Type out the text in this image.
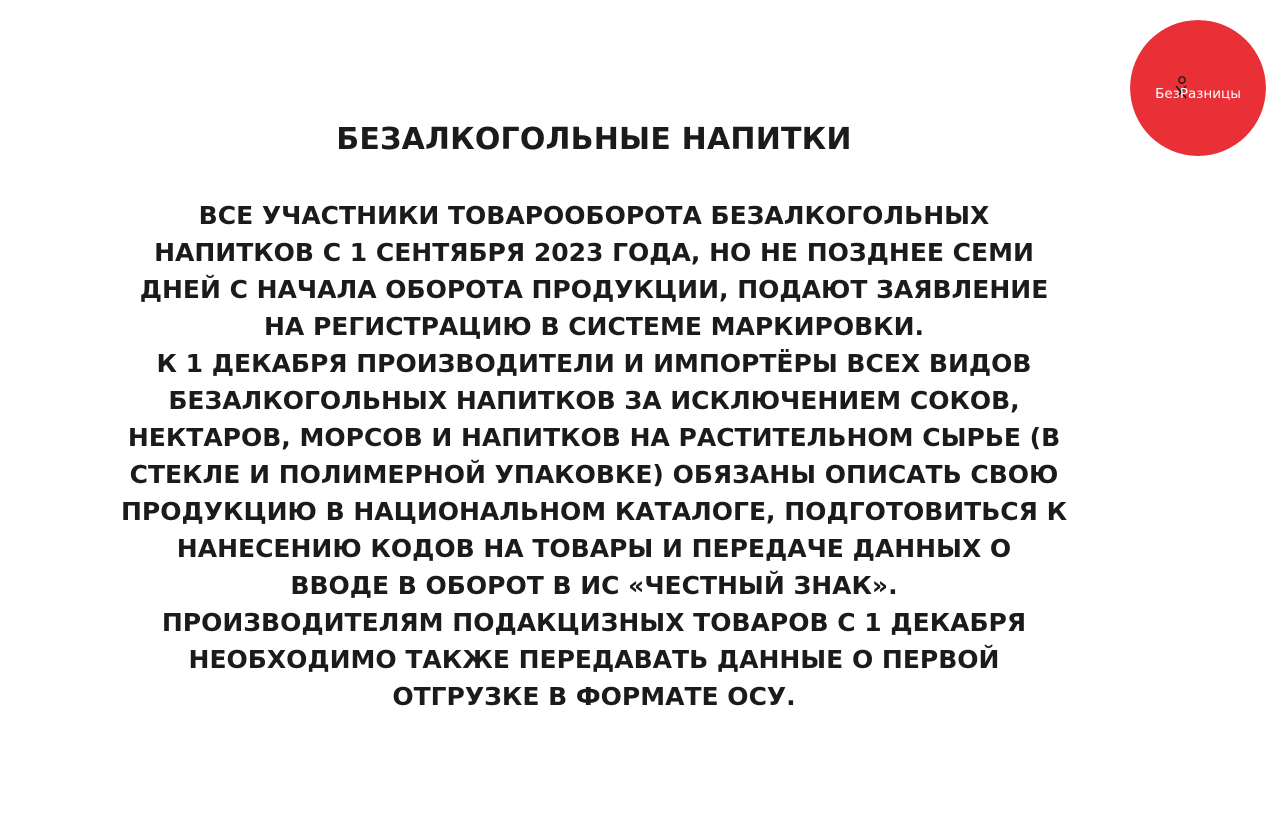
БезРазницы
БЕЗАЛКОГОЛЬНЫЕ НАПИТКИ

ВСЕ УЧАСТНИКИ ТОВАРООБОРОТА БЕЗАЛКОГОЛЬНЫХ
НАПИТКОВ С 1 СЕНТЯБРЯ 2023 ГОДА, НО НЕ ПОЗДНЕЕ СЕМИ
ДНЕЙ С НАЧАЛА ОБОРОТА ПРОДУКЦИИ, ПОДАЮТ ЗАЯВЛЕНИЕ
НА РЕГИСТРАЦИЮ В СИСТЕМЕ МАРКИРОВКИ.
К 1 ДЕКАБРЯ ПРОИЗВОДИТЕЛИ И ИМПОРТЁРЫ ВСЕХ ВИДОВ
БЕЗАЛКОГОЛЬНЫХ НАПИТКОВ ЗА ИСКЛЮЧЕНИЕМ СОКОВ,
НЕКТАРОВ, МОРСОВ И НАПИТКОВ НА РАСТИТЕЛЬНОМ СЫРЬЕ (В
СТЕКЛЕ И ПОЛИМЕРНОЙ УПАКОВКЕ) ОБЯЗАНЫ ОПИСАТЬ СВОЮ
ПРОДУКЦИЮ В НАЦИОНАЛЬНОМ КАТАЛОГЕ, ПОДГОТОВИТЬСЯ К
НАНЕСЕНИЮ КОДОВ НА ТОВАРЫ И ПЕРЕДАЧЕ ДАННЫХ О
ВВОДЕ В ОБОРОТ В ИС «ЧЕСТНЫЙ ЗНАК».
ПРОИЗВОДИТЕЛЯМ ПОДАКЦИЗНЫХ ТОВАРОВ С 1 ДЕКАБРЯ
НЕОБХОДИМО ТАКЖЕ ПЕРЕДАВАТЬ ДАННЫЕ О ПЕРВОЙ
ОТГРУЗКЕ В ФОРМАТЕ ОСУ.
